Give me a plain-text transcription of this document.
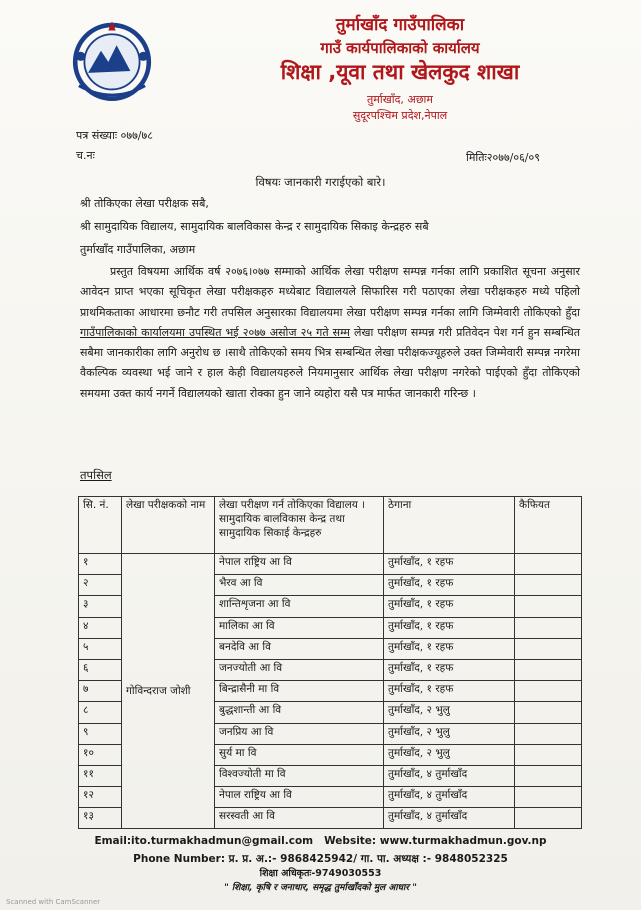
तुर्माखाँद गाउँपालिका
गाउँ कार्यपालिकाको कार्यालय
शिक्षा ,यूवा तथा खेलकुद शाखा
तुर्माखाँद, अछाम
सुदूरपश्चिम प्रदेश,नेपाल
पत्र संख्याः ०७७/७८
च.नः	मितिः२०७७/०६/०९
विषयः जानकारी गराईएको बारे।
श्री तोकिएका लेखा परीक्षक सबै,
श्री सामुदायिक विद्यालय, सामुदायिक बालविकास केन्द्र र सामुदायिक सिकाइ केन्द्रहरु सबै
तुर्माखाँद गाउँपालिका, अछाम
प्रस्तुत विषयमा आर्थिक वर्ष २०७६।०७७ सम्माको आर्थिक लेखा परीक्षण सम्पन्न गर्नका लागि प्रकाशित सूचना अनुसार आवेदन प्राप्त भएका सूचिकृत लेखा परीक्षकहरु मध्येबाट विद्यालयले सिफारिस गरी पठाएका लेखा परीक्षकहरु मध्ये पहिलो प्राथमिकताका आधारमा छनौट गरी तपसिल अनुसारका विद्यालयमा लेखा परीक्षण सम्पन्न गर्नका लागि जिम्मेवारी तोकिएको हुँदा गाउँपालिकाको कार्यालयमा उपस्थित भई २०७७ असोज २५ गते सम्म लेखा परीक्षण सम्पन्न गरी प्रतिवेदन पेश गर्न हुन सम्बन्धित सबैमा जानकारीका लागि अनुरोध छ ।साथै तोकिएको समय भित्र सम्बन्धित लेखा परीक्षकज्यूहरुले उक्त जिम्मेवारी सम्पन्न नगरेमा वैकल्पिक व्यवस्था भई जाने र हाल केही विद्यालयहरुले नियमानुसार आर्थिक लेखा परीक्षण नगरेको पाईएको हुँदा तोकिएको समयमा उक्त कार्य नगर्ने विद्यालयको खाता रोक्का हुन जाने व्यहोरा यसै पत्र मार्फत जानकारी गरिन्छ ।
तपसिल
सि. नं.	लेखा परीक्षकको नाम	लेखा परीक्षण गर्न तोकिएका विद्यालय ।सामुदायिक बालविकास केन्द्र तथा सामुदायिक सिकाई केन्द्रहरु	ठेगाना	कैफियत
१	गोविन्दराज जोशी	नेपाल राष्ट्रिय आ वि	तुर्माखाँद, १ रहफ	
२		भैरव आ वि	तुर्माखाँद, १ रहफ	
३		शान्तिशृजना आ वि	तुर्माखाँद, १ रहफ	
४		मालिका आ वि	तुर्माखाँद, १ रहफ	
५		बनदेवि आ वि	तुर्माखाँद, १ रहफ	
६		जनज्योती आ वि	तुर्माखाँद, १ रहफ	
७		बिन्द्रासैनी मा वि	तुर्माखाँद, १ रहफ	
८		बुद्धशान्ती आ वि	तुर्माखाँद, २ भुलु	
९		जनप्रिय आ वि	तुर्माखाँद, २ भुलु	
१०		सुर्य मा वि	तुर्माखाँद, २ भुलु	
११		विश्वज्योती मा वि	तुर्माखाँद, ४ तुर्माखाँद	
१२		नेपाल राष्ट्रिय आ वि	तुर्माखाँद, ४ तुर्माखाँद	
१३		सरस्वती आ वि	तुर्माखाँद, ४ तुर्माखाँद	
Email:ito.turmakhadmun@gmail.com Website: www.turmakhadmun.gov.np
Phone Number: प्र. प्र. अ.:- 9868425942/ गा. पा. अध्यक्ष :- 9848052325
शिक्षा अधिकृतः-9749030553
" शिक्षा, कृषि र जनाधार, समृद्ध तुर्माखाँदको मुल आधार "
Scanned with CamScanner
